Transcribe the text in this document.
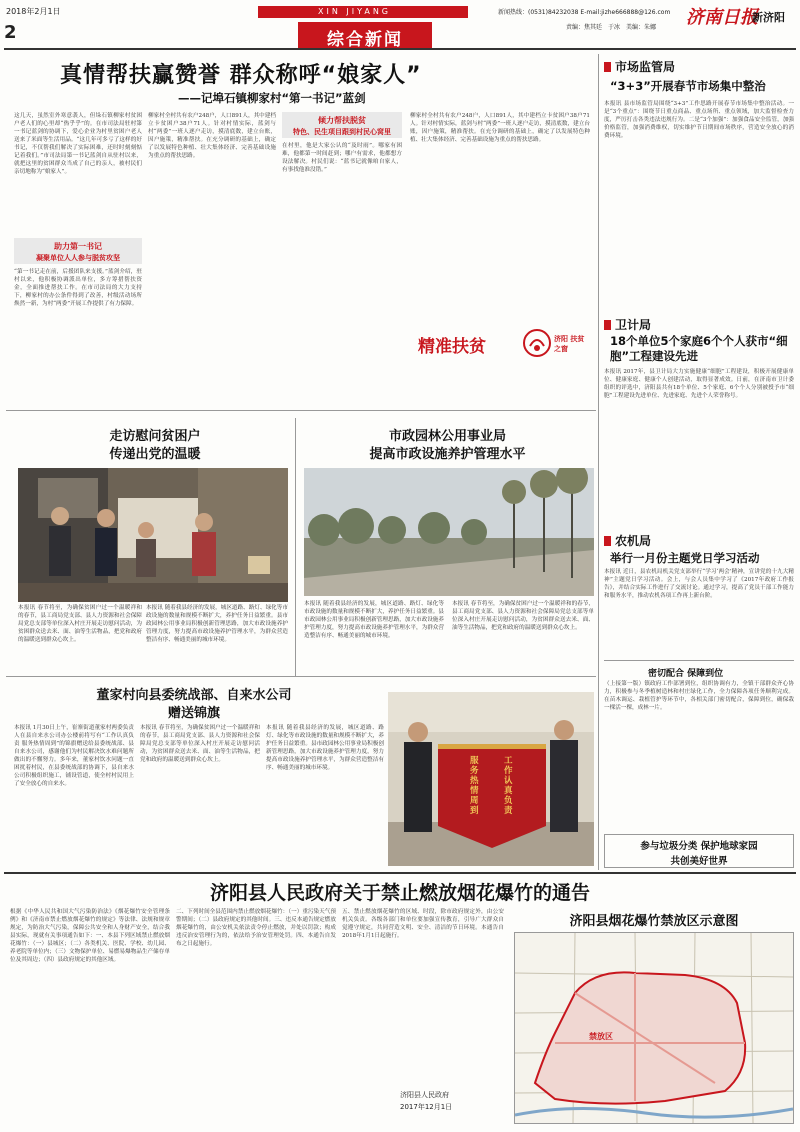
2018年2月1日	XIN JIYANG	新闻热线：(0531)84232038 E-mail:jizhe666888@126.com
责编：焦其廷　于冰　美编：朱娜 济南日报
新济阳
2	综合新闻
真情帮扶赢赞誉 群众称呼“娘家人”
——记埠石镇柳家村“第一书记”蓝剑
这几天，虽然室外寒意袭人，但垛石镇柳家村贫困户老人们的心里却“热乎乎”的。在市司法局驻村第一书记蓝剑的协调下，爱心企业为村里贫困户老人送来了米面等生活用品。“这几年可多亏了这样的好书记，不仅帮我们解决了实际困难，还时时刻刻惦记着我们。”市司法局第一书记蓝剑自从驻村以来，就把这里的贫困群众当成了自己的亲人，被村民们亲切地称为“娘家人”。
助力第一书记
凝聚单位人人参与脱贫攻坚
“第一书记走在前，后援团队来支援。”蓝剑介绍，驻村以来，他积极协调派出单位，多方筹措帮扶资金，全面推进帮扶工作。在市司法局的大力支持下，柳家村的办公条件得到了改善，村级活动场所焕然一新，为村“两委”开展工作提供了有力保障。
柳家村全村共有农户248户，人口891人，其中建档立卡贫困户38户71人。针对村情实际，蓝剑与村“两委”一班人逐户走访，摸清底数，建立台账，因户施策，精准帮扶。在充分调研的基础上，确定了以发展特色种植、壮大集体经济、完善基础设施为重点的帮扶思路。
倾力帮扶脱贫
特色、民生项目跟到村民心窝里
在村里，他是大家公认的“及时雨”。哪家有困难，他都第一时间赶到；哪户有需求，他都想方设法解决。村民们说：“蓝书记就像咱自家人，有事找他准没错。”
柳家村全村共有农户248户，人口891人，其中建档立卡贫困户38户71人。针对村情实际，蓝剑与村“两委”一班人逐户走访，摸清底数，建立台账，因户施策，精准帮扶。在充分调研的基础上，确定了以发展特色种植、壮大集体经济、完善基础设施为重点的帮扶思路。
精准扶贫	济阳 扶贫之窗
市场监管局
“3+3”开展春节市场集中整治
本报讯 县市场监管局围绕“3+3”工作思路开展春节市场集中整治活动。一是“3个重点”：围绕节日重点商品、重点场所、重点领域，加大监督检查力度，严厉打击各类违法违规行为。二是“3个加强”：加强食品安全监管，加强价格监管，加强消费维权，切实维护节日期间市场秩序，营造安全放心的消费环境。
卫计局
18个单位5个家庭6个个人获市“细胞”工程建设先进
本报讯 2017年，县卫计局大力实施健康“细胞”工程建设，积极开展健康单位、健康家庭、健康个人创建活动，取得显著成效。日前，在济南市卫计委组织的评选中，济阳县共有18个单位、5个家庭、6个个人分别被授予市“细胞”工程建设先进单位、先进家庭、先进个人荣誉称号。
农机局
举行一月份主题党日学习活动
本报讯 近日，县农机局机关党支部举行“学习‘两会’精神，宣讲党的十九大精神”主题党日学习活动。会上，与会人员集中学习了《2017年政府工作报告》，并结合实际工作进行了交流讨论。通过学习，提高了党员干部工作能力和服务水平，推动农机各项工作再上新台阶。
密切配合 保障到位
（上接第一版）镇政府工作部署到位，组织协调有力，全镇干部群众齐心协力，积极参与冬季植树造林和村庄绿化工作，全力保障各项任务顺利完成。在苗木调运、栽植管护等环节中，各相关部门密切配合，保障到位，确保栽一棵活一棵，成林一片。
参与垃圾分类 保护地球家园
共创美好世界
走访慰问贫困户
传递出党的温暖
本报讯 春节将至，为确保贫困户过一个温暖祥和的春节，县工商局党支部、县人力资源和社会保障局党总支部等单位深入村庄开展走访慰问活动，为贫困群众送去米、面、油等生活物品，把党和政府的温暖送到群众心坎上。
本报讯 随着我县经济的发展，城区道路、路灯、绿化等市政设施的数量和规模不断扩大，养护任务日益繁重。县市政园林公用事业局积极创新管理思路，加大市政设施养护管理力度，努力提高市政设施养护管理水平，为群众营造整洁有序、畅通美丽的城市环境。
市政园林公用事业局
提高市政设施养护管理水平
本报讯 随着我县经济的发展，城区道路、路灯、绿化等市政设施的数量和规模不断扩大，养护任务日益繁重。县市政园林公用事业局积极创新管理思路，加大市政设施养护管理力度，努力提高市政设施养护管理水平，为群众营造整洁有序、畅通美丽的城市环境。
本报讯 春节将至，为确保贫困户过一个温暖祥和的春节，县工商局党支部、县人力资源和社会保障局党总支部等单位深入村庄开展走访慰问活动，为贫困群众送去米、面、油等生活物品，把党和政府的温暖送到群众心坎上。
董家村向县委统战部、自来水公司
赠送锦旗
本报讯 1月30日上午，崔寨街道董家村两委负责人在县自来水公司办公楼前将写有“工作认真负责 服务热情周到”的锦旗赠送给县委统战部、县自来水公司，感谢他们为村民解决饮水难问题所做出的不懈努力。多年来，董家村饮水问题一直困扰着村民，在县委统战部的协调下，县自来水公司积极组织施工，铺设管道，使全村村民用上了安全放心的自来水。
本报讯 春节将至，为确保贫困户过一个温暖祥和的春节，县工商局党支部、县人力资源和社会保障局党总支部等单位深入村庄开展走访慰问活动，为贫困群众送去米、面、油等生活物品，把党和政府的温暖送到群众心坎上。
本报讯 随着我县经济的发展，城区道路、路灯、绿化等市政设施的数量和规模不断扩大，养护任务日益繁重。县市政园林公用事业局积极创新管理思路，加大市政设施养护管理力度，努力提高市政设施养护管理水平，为群众营造整洁有序、畅通美丽的城市环境。
工作认真负责
服务热情周到
济阳县人民政府关于禁止燃放烟花爆竹的通告
根据《中华人民共和国大气污染防治法》《烟花爆竹安全管理条例》和《济南市禁止燃放烟花爆竹的规定》等法律、法规和规章规定，为防治大气污染，保障公共安全和人身财产安全，结合我县实际，现就有关事项通告如下：一、本县下列区域禁止燃放烟花爆竹：（一）县城区；（二）各类机关、医院、学校、幼儿园、养老院等单位内；（三）文物保护单位、易燃易爆物品生产储存单位及其周边；（四）县政府规定的其他区域。
二、下列时间全县范围内禁止燃放烟花爆竹：（一）重污染天气预警期间；（二）县政府规定的其他时间。三、违反本通告规定燃放烟花爆竹的，由公安机关依法责令停止燃放，并处以罚款；构成违反治安管理行为的，依法给予治安管理处罚。四、本通告自发布之日起施行。
五、禁止燃放烟花爆竹的区域、时段，除市政府规定外，由公安机关负责。各级各部门和单位要加强宣传教育，引导广大群众自觉遵守规定，共同营造文明、安全、清洁的节日环境。本通告自2018年1月1日起施行。
济阳县人民政府
2017年12月1日
济阳县烟花爆竹禁放区示意图
禁放区
